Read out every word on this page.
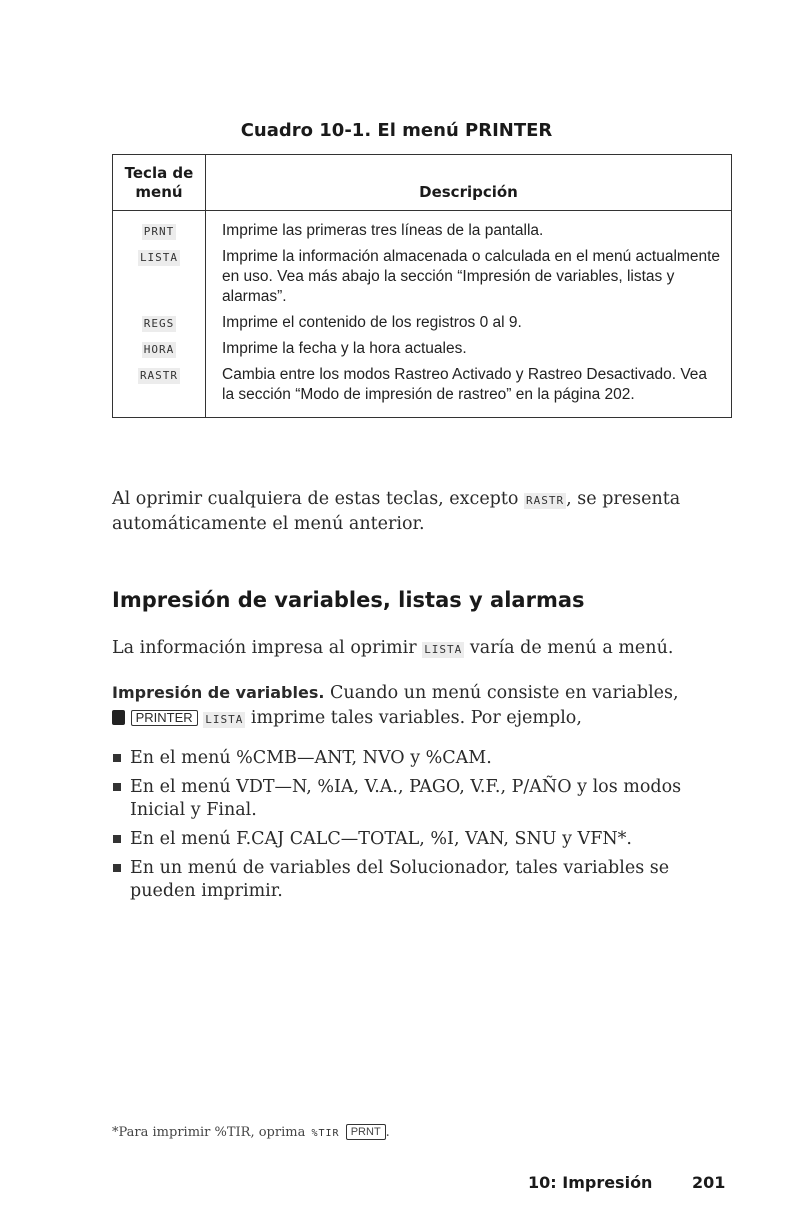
Cuadro 10-1. El menú PRINTER
Tecla de
menú	Descripción
PRNT	Imprime las primeras tres líneas de la pantalla.
LISTA	Imprime la información almacenada o calculada en el menú actualmente en uso. Vea más abajo la sección “Impresión de variables, listas y alarmas”.
REGS	Imprime el contenido de los registros 0 al 9.
HORA	Imprime la fecha y la hora actuales.
RASTR	Cambia entre los modos Rastreo Activado y Rastreo Desactivado. Vea la sección “Modo de impresión de rastreo” en la página 202.

Al oprimir cualquiera de estas teclas, excepto RASTR , se presenta automáticamente el menú anterior.

Impresión de variables, listas y alarmas

La información impresa al oprimir LISTA varía de menú a menú.

Impresión de variables. Cuando un menú consiste en variables,
PRINTER LISTA imprime tales variables. Por ejemplo,

En el menú %CMB—ANT, NVO y %CAM.
En el menú VDT—N, %IA, V.A., PAGO, V.F., P/AÑO y los modos Inicial y Final.
En el menú F.CAJ CALC—TOTAL, %I, VAN, SNU y VFN*.
En un menú de variables del Solucionador, tales variables se pueden imprimir.
*Para imprimir %TIR, oprima %TIR PRNT .
10: Impresión 201
